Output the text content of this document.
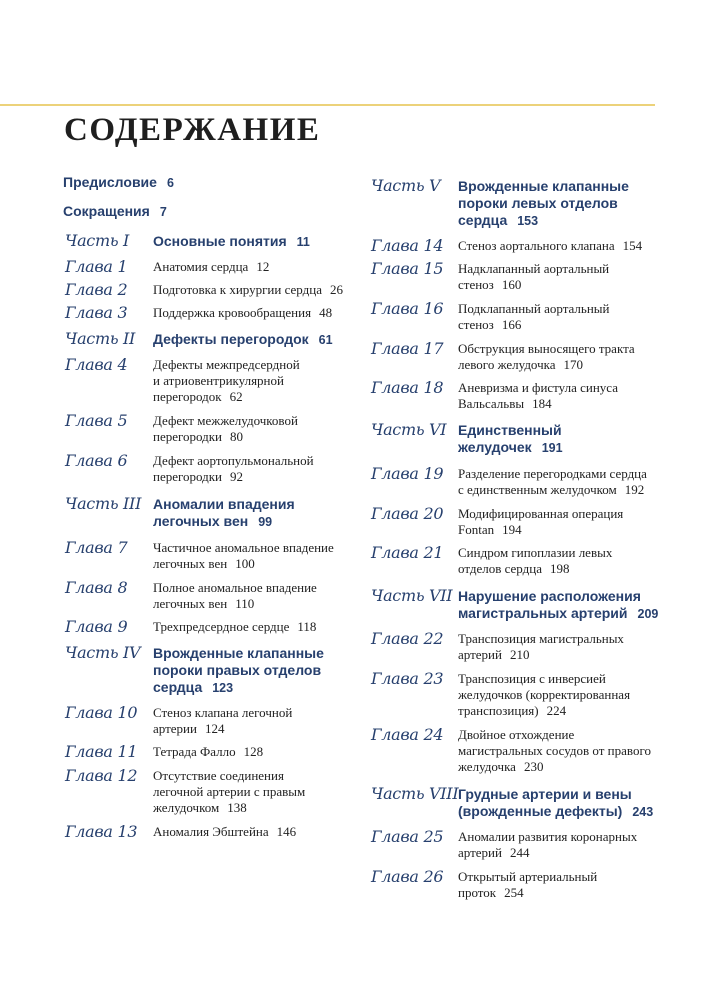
СОДЕРЖАНИЕ
Предисловие 6
Сокращения 7
Часть I Основные понятия 11
Глава 1 Анатомия сердца 12
Глава 2 Подготовка к хирургии сердца 26
Глава 3 Поддержка кровообращения 48
Часть II Дефекты перегородок 61
Глава 4 Дефекты межпредсердной
и атриовентрикулярной
перегородок 62
Глава 5 Дефект межжелудочковой
перегородки 80
Глава 6 Дефект аортопульмональной
перегородки 92
Часть III Аномалии впадения
легочных вен 99
Глава 7 Частичное аномальное впадение
легочных вен 100
Глава 8 Полное аномальное впадение
легочных вен 110
Глава 9 Трехпредсердное сердце 118
Часть IV Врожденные клапанные
пороки правых отделов
сердца 123
Глава 10 Стеноз клапана легочной
артерии 124
Глава 11 Тетрада Фалло 128
Глава 12 Отсутствие соединения
легочной артерии с правым
желудочком 138
Глава 13 Аномалия Эбштейна 146
Часть V Врожденные клапанные
пороки левых отделов
сердца 153
Глава 14 Стеноз аортального клапана 154
Глава 15 Надклапанный аортальный
стеноз 160
Глава 16 Подклапанный аортальный
стеноз 166
Глава 17 Обструкция выносящего тракта
левого желудочка 170
Глава 18 Аневризма и фистула синуса
Вальсальвы 184
Часть VI Единственный
желудочек 191
Глава 19 Разделение перегородками сердца
с единственным желудочком 192
Глава 20 Модифицированная операция
Fontan 194
Глава 21 Синдром гипоплазии левых
отделов сердца 198
Часть VII Нарушение расположения
магистральных артерий 209
Глава 22 Транспозиция магистральных
артерий 210
Глава 23 Транспозиция с инверсией
желудочков (корректированная
транспозиция) 224
Глава 24 Двойное отхождение
магистральных сосудов от правого
желудочка 230
Часть VIII Грудные артерии и вены
(врожденные дефекты) 243
Глава 25 Аномалии развития коронарных
артерий 244
Глава 26 Открытый артериальный
проток 254
